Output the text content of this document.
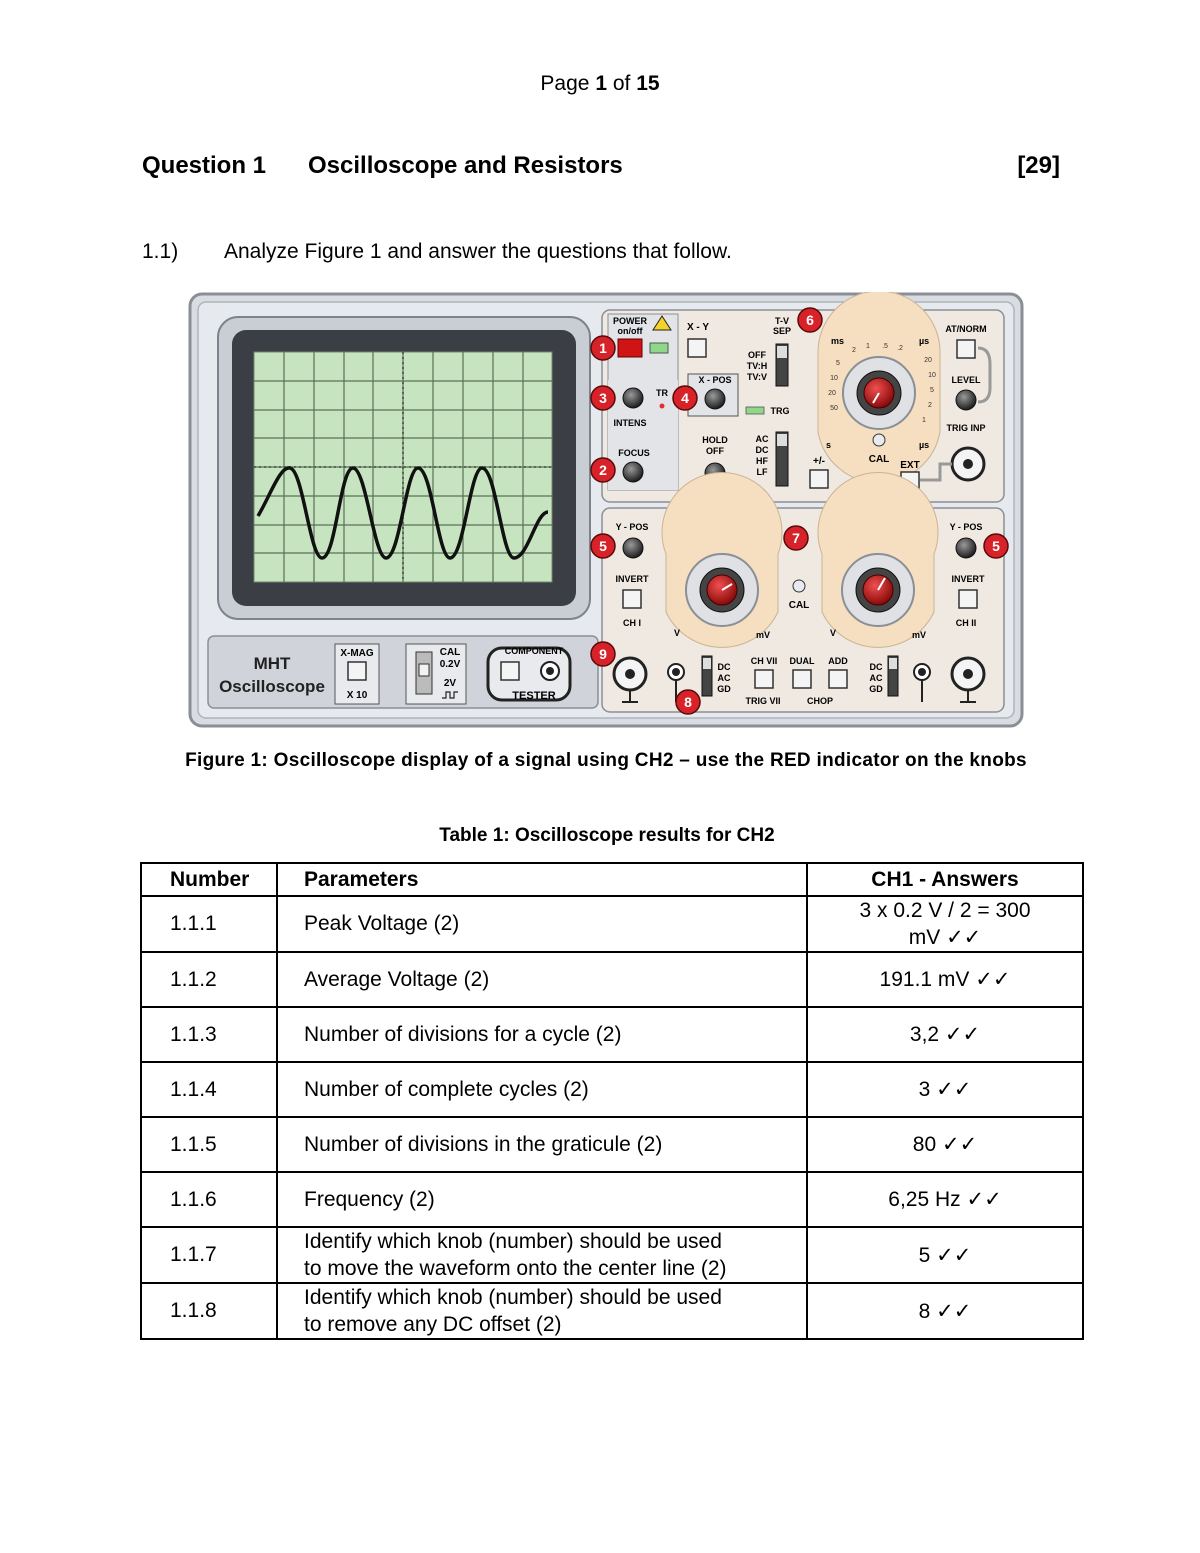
Page 1 of 15
Question 1 Oscilloscope and Resistors	[29]
1.1) Analyze Figure 1 and answer the questions that follow.
MHT
Oscilloscope
X-MAG
X 10
CAL
0.2V
2V
COMPONENT
TESTER
POWER
on/off	X - Y
TR
INTENS
FOCUS
X - POS
TRG
HOLD
OFF
T-V
SEP
OFF
TV:H
TV:V
AC
DC
HF
LF
+/-
ms	µs
s	µs
5
10
20
50
2
1 .5 .2
20
10
5
2
1
CAL
EXT
AT/NORM
LEVEL
TRIG INP
Y - POS
INVERT
CH I
V	mV
CAL
V	mV
Y - POS
INVERT
CH II
DC
AC
GD
CH VII
TRIG VII
DUAL
CHOP
ADD
DC
AC
GD
1
2
3	4
5	5
6
7
8
9
Figure 1: Oscilloscope display of a signal using CH2 – use the RED indicator on the knobs
Table 1: Oscilloscope results for CH2
Number	Parameters	CH1 - Answers
1.1.1	Peak Voltage (2)	3 x 0.2 V / 2 = 300
mV ✓✓
1.1.2	Average Voltage (2)	191.1 mV ✓✓
1.1.3	Number of divisions for a cycle (2)	3,2 ✓✓
1.1.4	Number of complete cycles (2)	3 ✓✓
1.1.5	Number of divisions in the graticule (2)	80 ✓✓
1.1.6	Frequency (2)	6,25 Hz ✓✓
1.1.7	Identify which knob (number) should be used
to move the waveform onto the center line (2)	5 ✓✓
1.1.8	Identify which knob (number) should be used
to remove any DC offset (2)	8 ✓✓
